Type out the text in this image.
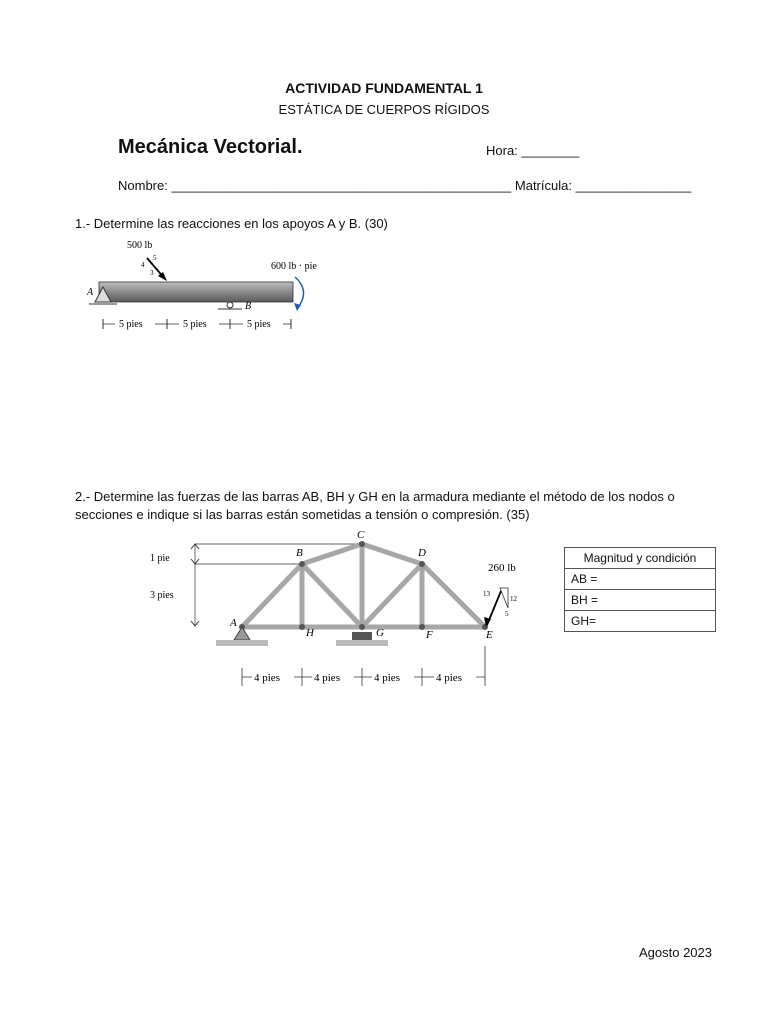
ACTIVIDAD FUNDAMENTAL 1
ESTÁTICA DE CUERPOS RÍGIDOS
Mecánica Vectorial.	Hora: ________
Nombre: _______________________________________________ Matrícula: ________________
1.- Determine las reacciones en los apoyos A y B. (30)
A
B
500 lb
5
4
3
600 lb · pie
5 pies	5 pies	5 pies
2.- Determine las fuerzas de las barras AB, BH y GH en la armadura mediante el método de los nodos o secciones e indique si las barras están sometidas a tensión o compresión. (35)
1 pie
3 pies
A
B
C
D
E
F
G
H
260 lb
13
12
5
4 pies	4 pies	4 pies	4 pies
Magnitud y condición
AB =
BH =
GH=
Agosto 2023
